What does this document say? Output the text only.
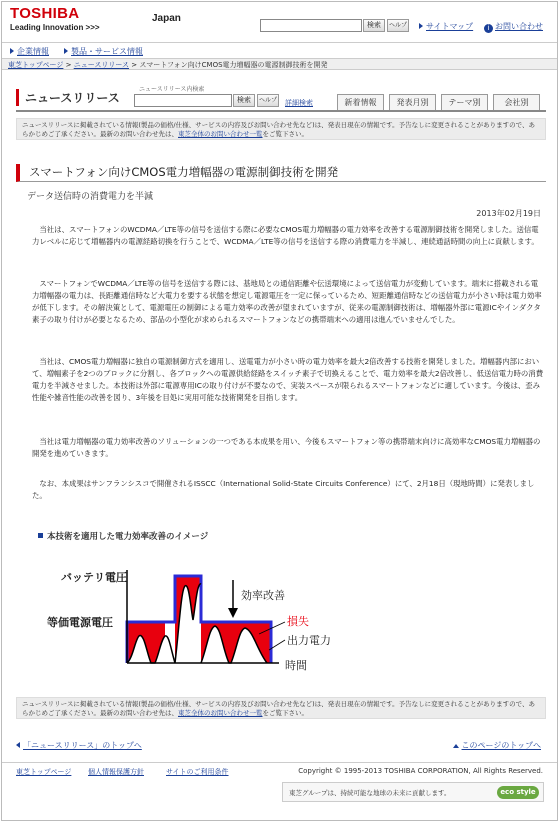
TOSHIBA
Leading Innovation >>>
Japan
検索	ヘルプ	サイトマップ	i お問い合わせ
企業情報	製品・サービス情報
東芝トップページ > ニュースリリース > スマートフォン向けCMOS電力増幅器の電源制御技術を開発
ニュースリリース
ニュースリリース内検索
検索	ヘルプ 詳細検索	新着情報	発表月別	テーマ別	会社別
ニュースリリースに掲載されている情報(製品の価格/仕様、サービスの内容及びお問い合わせ先など)は、発表日現在の情報です。予告なしに変更されることがありますので、あらかじめご了承ください。最新のお問い合わせ先は、東芝全体のお問い合わせ一覧をご覧下さい。
スマートフォン向けCMOS電力増幅器の電源制御技術を開発
データ送信時の消費電力を半減
2013年02月19日
　当社は、スマートフォンのWCDMA／LTE等の信号を送信する際に必要なCMOS電力増幅器の電力効率を改善する電源制御技術を開発しました。送信電力レベルに応じて増幅器内の電源経路切換を行うことで、WCDMA／LTE等の信号を送信する際の消費電力を半減し、連続通話時間の向上に貢献します。
　スマートフォンでWCDMA／LTE等の信号を送信する際には、基地局との通信距離や伝送環境によって送信電力が変動しています。端末に搭載される電力増幅器の電力は、長距離通信時など大電力を要する状態を想定し電源電圧を一定に保っているため、短距離通信時などの送信電力が小さい時は電力効率が低下します。その解決策として、電源電圧の制御による電力効率の改善が望まれていますが、従来の電源制御技術は、増幅器外部に電源ICやインダクタ素子の取り付けが必要となるため、部品の小型化が求められるスマートフォンなどの携帯端末への適用は進んでいませんでした。
　当社は、CMOS電力増幅器に独自の電源制御方式を適用し、送電電力が小さい時の電力効率を最大2倍改善する技術を開発しました。増幅器内部において、増幅素子を2つのブロックに分割し、各ブロックへの電源供給経路をスイッチ素子で切換えることで、電力効率を最大2倍改善し、低送信電力時の消費電力を半減させました。本技術は外部に電源専用ICの取り付けが不要なので、実装スペースが限られるスマートフォンなどに適しています。今後は、歪み性能や雑音性能の改善を図り、3年後を目処に実用可能な技術開発を目指します。
　当社は電力増幅器の電力効率改善のソリューションの一つである本成果を用い、今後もスマートフォン等の携帯端末向けに高効率なCMOS電力増幅器の開発を進めていきます。
　なお、本成果はサンフランシスコで開催されるISSCC（International Solid-State Circuits Conference）にて、2月18日（現地時間）に発表しました。
本技術を適用した電力効率改善のイメージ
バッテリ電圧
等価電源電圧
効率改善
損失
出力電力
時間
ニュースリリースに掲載されている情報(製品の価格/仕様、サービスの内容及びお問い合わせ先など)は、発表日現在の情報です。予告なしに変更されることがありますので、あらかじめご了承ください。最新のお問い合わせ先は、東芝全体のお問い合わせ一覧をご覧下さい。
「ニュースリリース」のトップへ	このページのトップへ
東芝トップページ 個人情報保護方針	サイトのご利用条件	Copyright © 1995-2013 TOSHIBA CORPORATION, All Rights Reserved.
東芝グループは、持続可能な地球の未来に貢献します。	eco style
